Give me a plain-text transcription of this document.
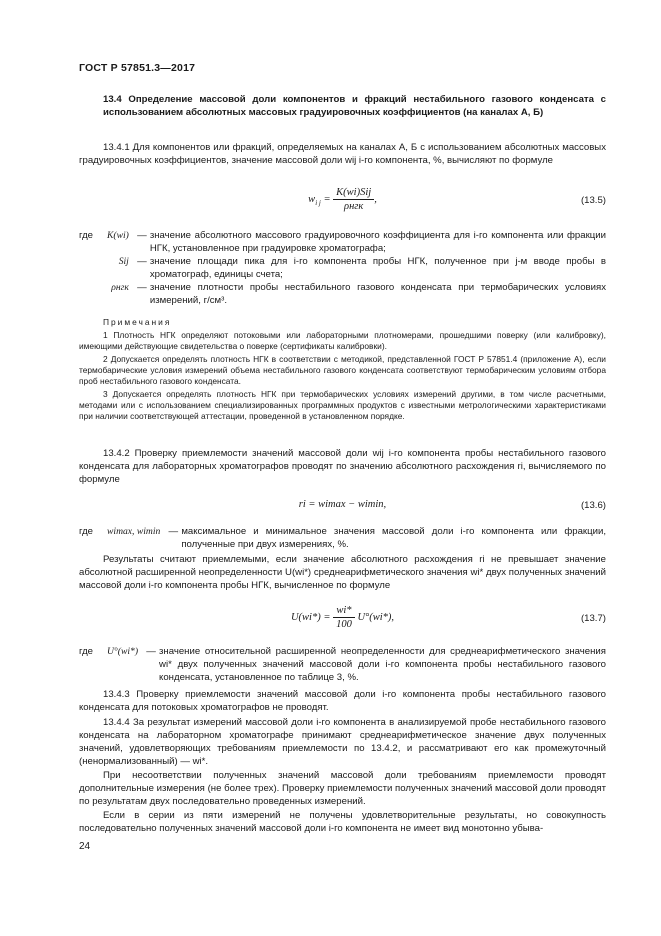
ГОСТ Р 57851.3—2017

13.4 Определение массовой доли компонентов и фракций нестабильного газового конденсата с использованием абсолютных массовых градуировочных коэффициентов (на каналах А, Б)

13.4.1 Для компонентов или фракций, определяемых на каналах А, Б с использованием абсолютных массовых градуировочных коэффициентов, значение массовой доли wij i-го компонента, %, вычисляют по формуле

$w_{i j} = \frac{\text{K(wi)Sij}}{\text{ρнгк}}$ ,	(13.5)
где	K(wi)	—	значение абсолютного массового градуировочного коэффициента для i-го компонента или фракции НГК, установленное при градуировке хроматографа;
	Sij	—	значение площади пика для i-го компонента пробы НГК, полученное при j-м вводе пробы в хроматограф, единицы счета;
	ρнгк	—	значение плотности пробы нестабильного газового конденсата при термобарических условиях измерений, г/см³.

Примечания

1 Плотность НГК определяют потоковыми или лабораторными плотномерами, прошедшими поверку (или калибровку), имеющими действующие свидетельства о поверке (сертификаты калибровки).

2 Допускается определять плотность НГК в соответствии с методикой, представленной ГОСТ Р 57851.4 (приложение А), если термобарические условия измерений объема нестабильного газового конденсата соответствуют термобарическим условиям отбора проб нестабильного газового конденсата.

3 Допускается определять плотность НГК при термобарических условиях измерений другими, в том числе расчетными, методами или с использованием специализированных программных продуктов с известными метрологическими характеристиками при наличии соответствующей аттестации, проведенной в установленном порядке.

13.4.2 Проверку приемлемости значений массовой доли wij i-го компонента пробы нестабильного газового конденсата для лабораторных хроматографов проводят по значению абсолютного расхождения ri, вычисляемого по формуле

ri = wimax − wimin,	(13.6)
где	wimax, wimin	—	максимальное и минимальное значения массовой доли i-го компонента или фракции, полученные при двух измерениях, %.

Результаты считают приемлемыми, если значение абсолютного расхождения ri не превышает значение абсолютной расширенной неопределенности U(wi*) среднеарифметического значения wi* двух полученных значений массовой доли i-го компонента пробы НГК, вычисленное по формуле

$U(wi*) = \frac{wi*}{100} U^\circ(wi*)$,	(13.7)
где	U°(wi*)	—	значение относительной расширенной неопределенности для среднеарифметического значения wi* двух полученных значений массовой доли i-го компонента пробы нестабильного газового конденсата, установленное по таблице 3, %.

13.4.3 Проверку приемлемости значений массовой доли i-го компонента пробы нестабильного газового конденсата для потоковых хроматографов не проводят.

13.4.4 За результат измерений массовой доли i-го компонента в анализируемой пробе нестабильного газового конденсата на лабораторном хроматографе принимают среднеарифметическое значение двух полученных значений, удовлетворяющих требованиям приемлемости по 13.4.2, и рассматривают его как промежуточный (ненормализованный) — wi*.

При несоответствии полученных значений массовой доли требованиям приемлемости проводят дополнительные измерения (не более трех). Проверку приемлемости полученных значений массовой доли проводят по результатам двух последовательно проведенных измерений.

Если в серии из пяти измерений не получены удовлетворительные результаты, но совокупность последовательно полученных значений массовой доли i-го компонента не имеет вид монотонно убыва-

24
